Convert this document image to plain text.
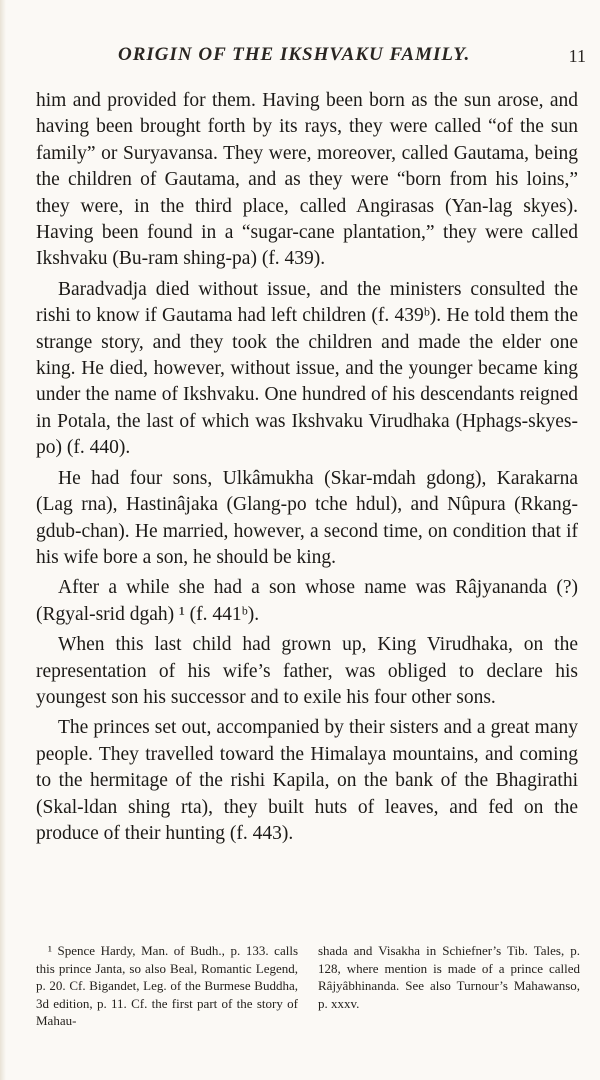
ORIGIN OF THE IKSHVAKU FAMILY.	11

him and provided for them. Having been born as the sun arose, and having been brought forth by its rays, they were called “of the sun family” or Suryavansa. They were, moreover, called Gautama, being the children of Gautama, and as they were “born from his loins,” they were, in the third place, called Angirasas (Yan-lag skyes). Having been found in a “sugar-cane plantation,” they were called Ikshvaku (Bu-ram shing-pa) (f. 439).

Baradvadja died without issue, and the ministers consulted the rishi to know if Gautama had left children (f. 439ᵇ). He told them the strange story, and they took the children and made the elder one king. He died, however, without issue, and the younger became king under the name of Ikshvaku. One hundred of his descendants reigned in Potala, the last of which was Ikshvaku Virudhaka (Hphags-skyes-po) (f. 440).

He had four sons, Ulkâmukha (Skar-mdah gdong), Karakarna (Lag rna), Hastinâjaka (Glang-po tche hdul), and Nûpura (Rkang-gdub-chan). He married, however, a second time, on condition that if his wife bore a son, he should be king.

After a while she had a son whose name was Râjyananda (?) (Rgyal-srid dgah) ¹ (f. 441ᵇ).

When this last child had grown up, King Virudhaka, on the representation of his wife’s father, was obliged to declare his youngest son his successor and to exile his four other sons.

The princes set out, accompanied by their sisters and a great many people. They travelled toward the Himalaya mountains, and coming to the hermitage of the rishi Kapila, on the bank of the Bhagirathi (Skal-ldan shing rta), they built huts of leaves, and fed on the produce of their hunting (f. 443).

¹ Spence Hardy, Man. of Budh., p. 133. calls this prince Janta, so also Beal, Romantic Legend, p. 20. Cf. Bigandet, Leg. of the Burmese Buddha, 3d edition, p. 11. Cf. the first part of the story of Mahau-
shada and Visakha in Schiefner’s Tib. Tales, p. 128, where mention is made of a prince called Râjyâbhinanda. See also Turnour’s Mahawanso, p. xxxv.
